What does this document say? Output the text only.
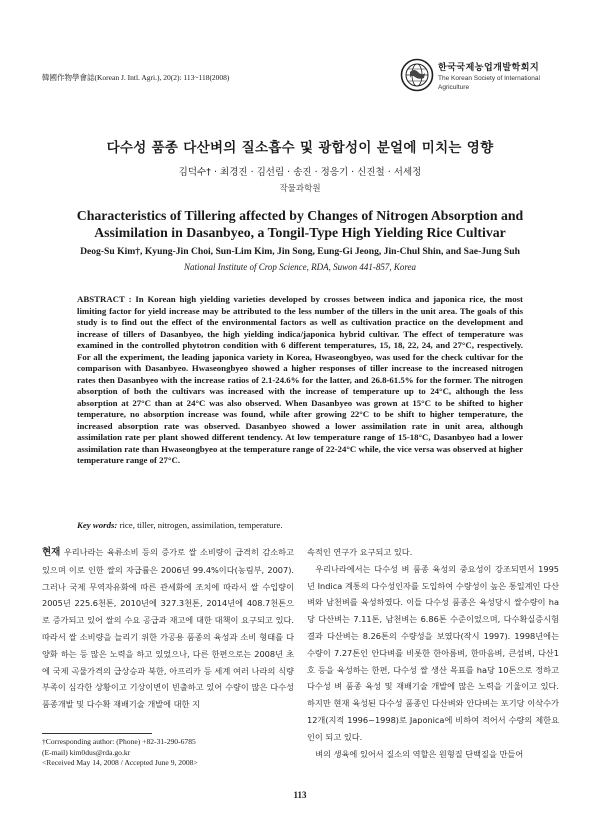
韓國作物學會誌(Korean J. Intl. Agri.), 20(2): 113~118(2008)
한국국제농업개발학회지
The Korean Society of International
Agriculture
다수성 품종 다산벼의 질소흡수 및 광합성이 분얼에 미치는 영향
김덕수† · 최경진 · 김선림 · 송진 · 정응기 · 신진철 · 서세정
작물과학원
Characteristics of Tillering affected by Changes of Nitrogen Absorption and
Assimilation in Dasanbyeo, a Tongil-Type High Yielding Rice Cultivar
Deog-Su Kim†, Kyung-Jin Choi, Sun-Lim Kim, Jin Song, Eung-Gi Jeong, Jin-Chul Shin, and Sae-Jung Suh
National Institute of Crop Science, RDA, Suwon 441-857, Korea
ABSTRACT : In Korean high yielding varieties developed by crosses between indica and japonica rice, the most limiting factor for yield increase may be attributed to the less number of the tillers in the unit area. The goals of this study is to find out the effect of the environmental factors as well as cultivation practice on the development and increase of tillers of Dasanbyeo, the high yielding indica/japonica hybrid cultivar. The effect of temperature was examined in the controlled phytotron condition with 6 different temperatures, 15, 18, 22, 24, and 27°C, respectively. For all the experiment, the leading japonica variety in Korea, Hwaseongbyeo, was used for the check cultivar for the comparison with Dasanbyeo. Hwaseongbyeo showed a higher responses of tiller increase to the increased nitrogen rates then Dasanbyeo with the increase ratios of 2.1-24.6% for the latter, and 26.8-61.5% for the former. The nitrogen absorption of both the cultivars was increased with the increase of temperature up to 24°C, although the less absorption at 27°C than at 24°C was also observed. When Dasanbyeo was grown at 15°C to be shifted to higher temperature, no absorption increase was found, while after growing 22°C to be shift to higher temperature, the increased absorption rate was observed. Dasanbyeo showed a lower assimilation rate in unit area, although assimilation rate per plant showed different tendency. At low temperature range of 15-18°C, Dasanbyeo had a lower assimilation rate than Hwaseongbyeo at the temperature range of 22-24°C while, the vice versa was observed at higher temperature range of 27°C.
Key words: rice, tiller, nitrogen, assimilation, temperature.

현재 우리나라는 육류소비 등의 증가로 쌀 소비량이 급격히 감소하고 있으며 이로 인한 쌀의 자급률은 2006년 99.4%이다(농림부, 2007). 그러나 국제 무역자유화에 따른 관세화에 조치에 따라서 쌀 수입량이 2005년 225.6천톤, 2010년에 327.3천톤, 2014년에 408.7천톤으로 증가되고 있어 쌀의 수요 공급과 재고에 대한 대책이 요구되고 있다. 따라서 쌀 소비량을 늘리기 위한 가공용 품종의 육성과 소비 형태를 다양화 하는 등 많은 노력을 하고 있었으나, 다른 한편으로는 2008년 초에 국제 곡물가격의 급상승과 북한, 아프리카 등 세계 여러 나라의 식량부족이 심각한 상황이고 기상이변이 빈출하고 있어 수량이 많은 다수성 품종개발 및 다수확 재배기술 개발에 대한 지

속적인 연구가 요구되고 있다.

우리나라에서는 다수성 벼 품종 육성의 중요성이 강조되면서 1995년 Indica 계통의 다수성인자를 도입하여 수량성이 높은 통일계인 다산벼와 남천벼를 육성하였다. 이들 다수성 품종은 육성당시 쌀수량이 ha당 다산벼는 7.11톤, 남천벼는 6.86톤 수준이었으며, 다수확실증시험 결과 다산벼는 8.26톤의 수량성을 보였다(작시 1997). 1998년에는 수량이 7.27톤인 안다벼를 비롯한 한아름벼, 한마음벼, 큰섬벼, 다산1호 등을 육성하는 한편, 다수성 쌀 생산 목표를 ha당 10톤으로 정하고 다수성 벼 품종 육성 및 재배기술 개발에 많은 노력을 기울이고 있다. 하지만 현재 육성된 다수성 품종인 다산벼와 안다벼는 포기당 이삭수가 12개(지적 1996~1998)로 Japonica에 비하여 적어서 수량의 제한요인이 되고 있다.

벼의 생육에 있어서 질소의 역할은 원형질 단백질을 만들어

†Corresponding author: (Phone) +82-31-290-6785
(E-mail) kim0dus@rda.go.kr
<Received May 14, 2008 / Accepted June 9, 2008>
113
